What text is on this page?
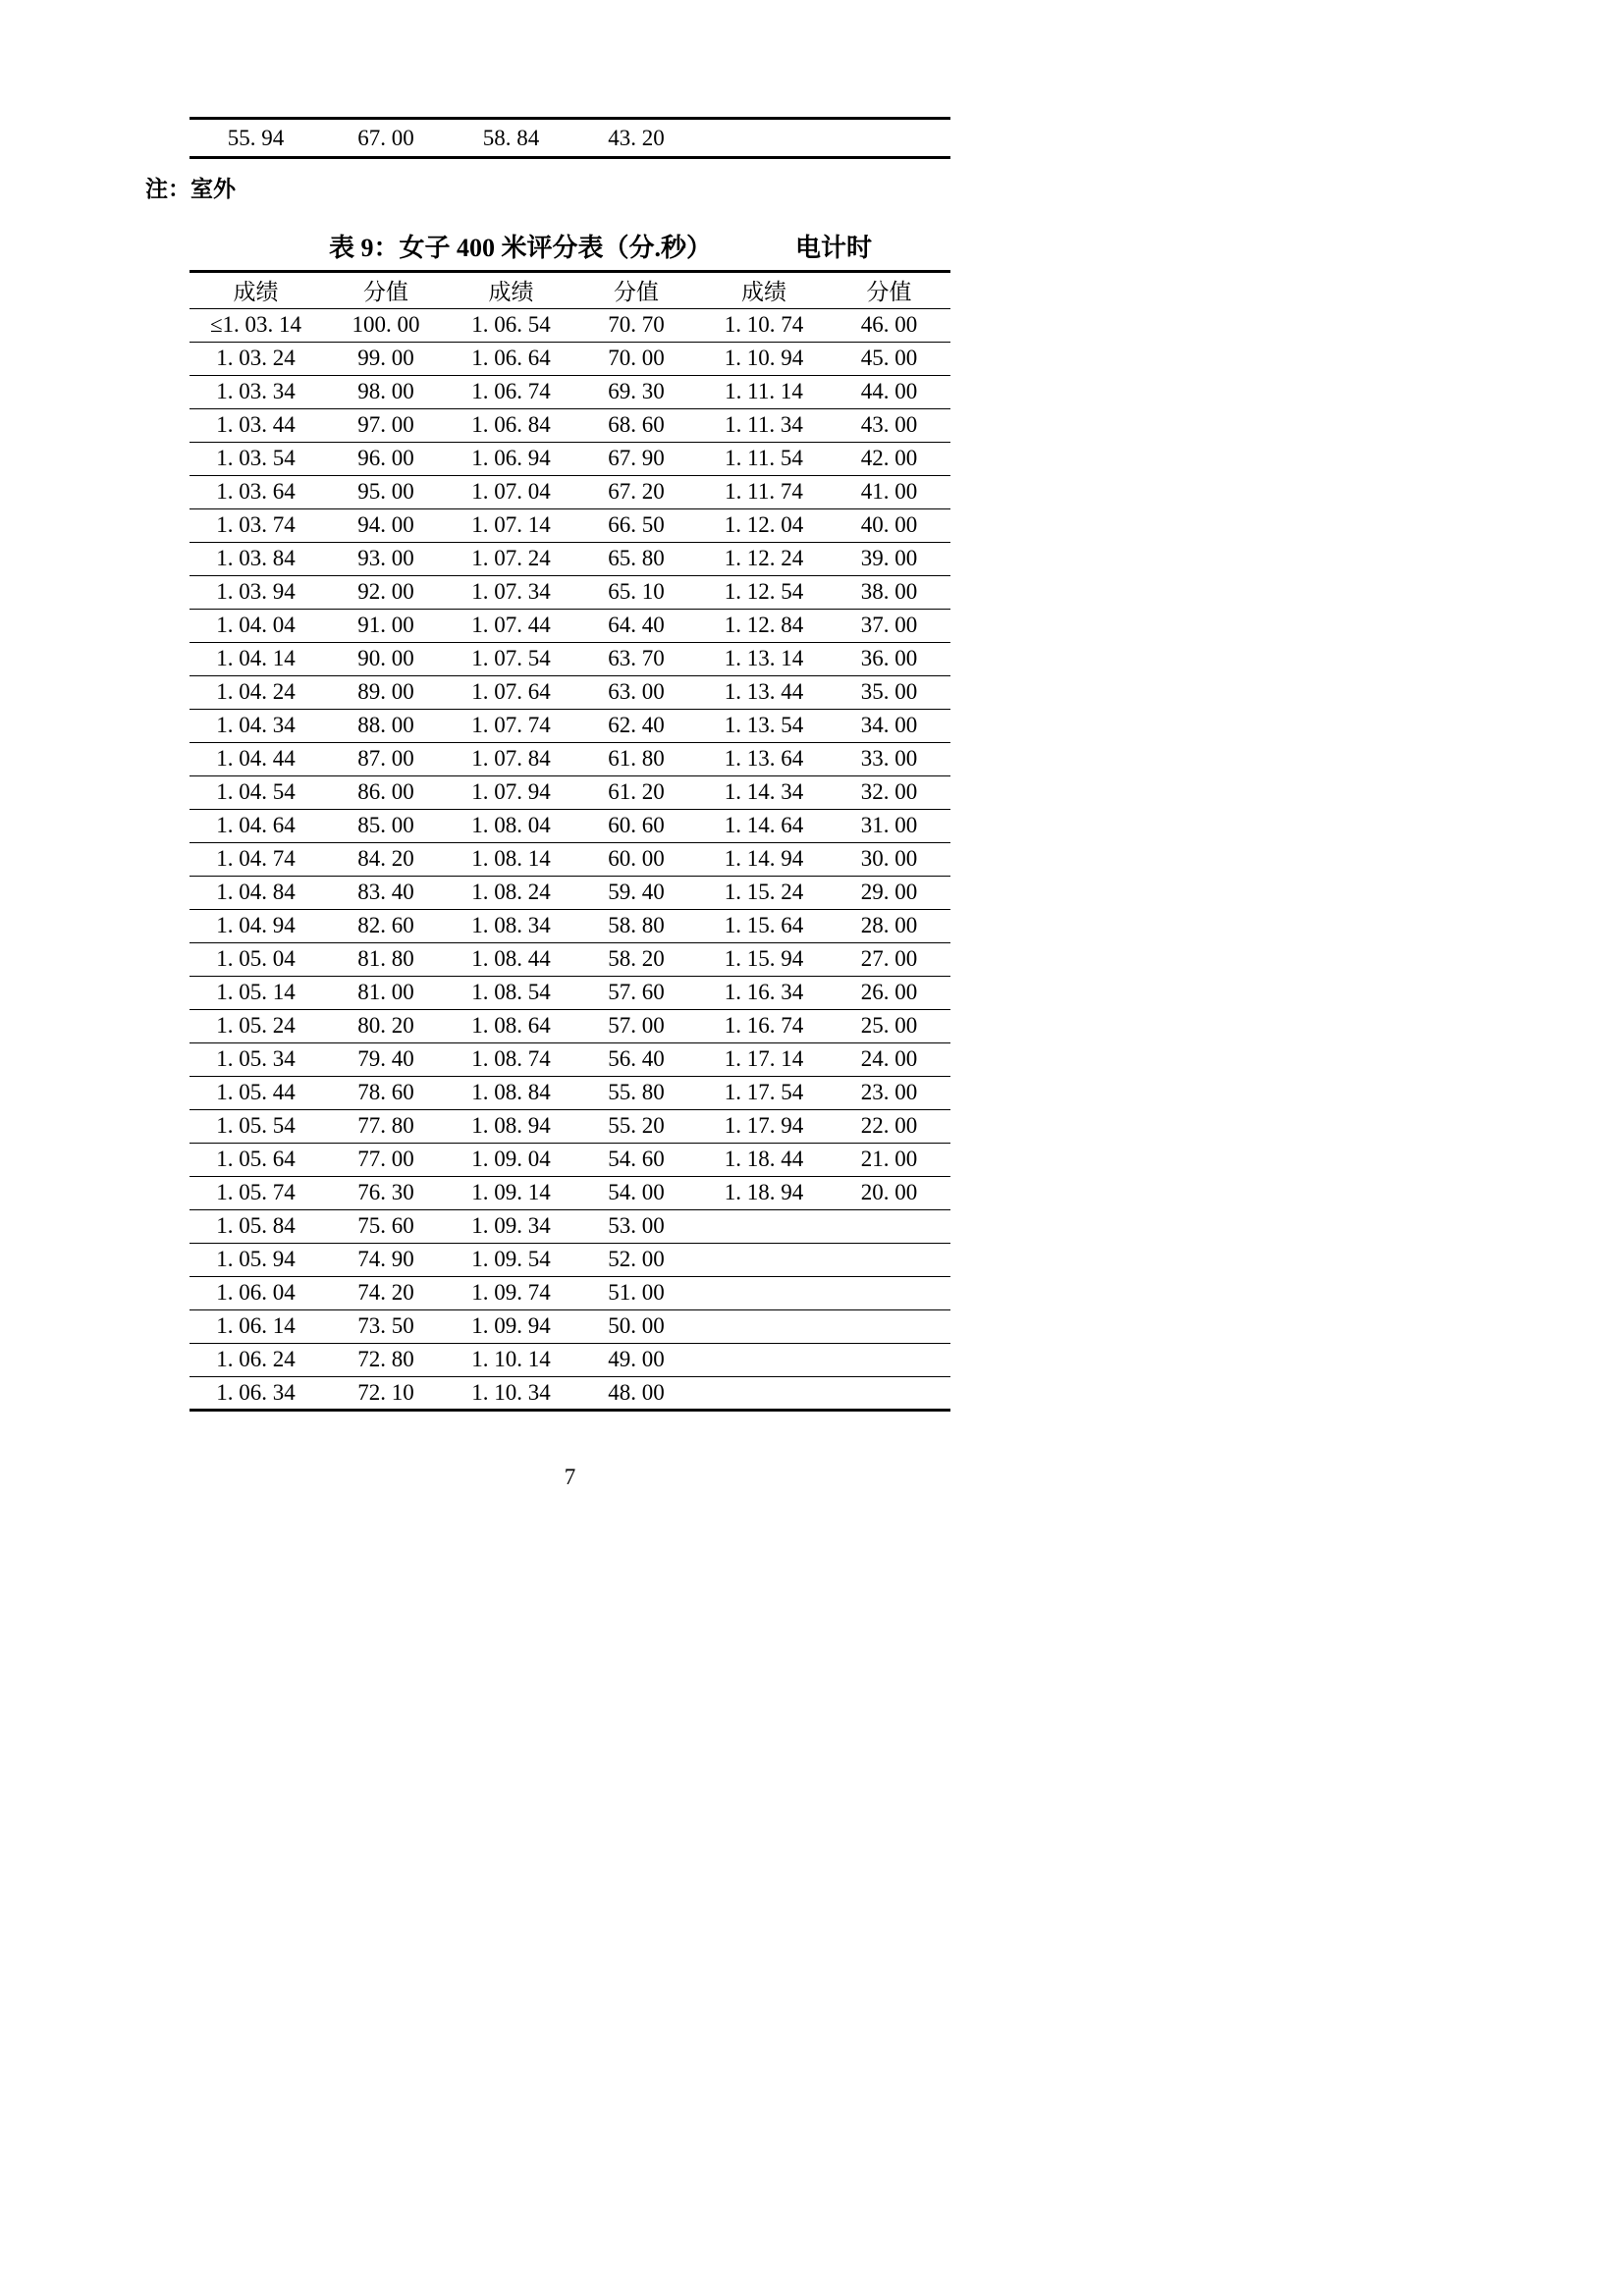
55. 94	67. 00	58. 84	43. 20		

注：室外

表 9：女子 400 米评分表（分.秒）	电计时
成绩	分值	成绩	分值	成绩	分值
≤1. 03. 14	100. 00	1. 06. 54	70. 70	1. 10. 74	46. 00
1. 03. 24	99. 00	1. 06. 64	70. 00	1. 10. 94	45. 00
1. 03. 34	98. 00	1. 06. 74	69. 30	1. 11. 14	44. 00
1. 03. 44	97. 00	1. 06. 84	68. 60	1. 11. 34	43. 00
1. 03. 54	96. 00	1. 06. 94	67. 90	1. 11. 54	42. 00
1. 03. 64	95. 00	1. 07. 04	67. 20	1. 11. 74	41. 00
1. 03. 74	94. 00	1. 07. 14	66. 50	1. 12. 04	40. 00
1. 03. 84	93. 00	1. 07. 24	65. 80	1. 12. 24	39. 00
1. 03. 94	92. 00	1. 07. 34	65. 10	1. 12. 54	38. 00
1. 04. 04	91. 00	1. 07. 44	64. 40	1. 12. 84	37. 00
1. 04. 14	90. 00	1. 07. 54	63. 70	1. 13. 14	36. 00
1. 04. 24	89. 00	1. 07. 64	63. 00	1. 13. 44	35. 00
1. 04. 34	88. 00	1. 07. 74	62. 40	1. 13. 54	34. 00
1. 04. 44	87. 00	1. 07. 84	61. 80	1. 13. 64	33. 00
1. 04. 54	86. 00	1. 07. 94	61. 20	1. 14. 34	32. 00
1. 04. 64	85. 00	1. 08. 04	60. 60	1. 14. 64	31. 00
1. 04. 74	84. 20	1. 08. 14	60. 00	1. 14. 94	30. 00
1. 04. 84	83. 40	1. 08. 24	59. 40	1. 15. 24	29. 00
1. 04. 94	82. 60	1. 08. 34	58. 80	1. 15. 64	28. 00
1. 05. 04	81. 80	1. 08. 44	58. 20	1. 15. 94	27. 00
1. 05. 14	81. 00	1. 08. 54	57. 60	1. 16. 34	26. 00
1. 05. 24	80. 20	1. 08. 64	57. 00	1. 16. 74	25. 00
1. 05. 34	79. 40	1. 08. 74	56. 40	1. 17. 14	24. 00
1. 05. 44	78. 60	1. 08. 84	55. 80	1. 17. 54	23. 00
1. 05. 54	77. 80	1. 08. 94	55. 20	1. 17. 94	22. 00
1. 05. 64	77. 00	1. 09. 04	54. 60	1. 18. 44	21. 00
1. 05. 74	76. 30	1. 09. 14	54. 00	1. 18. 94	20. 00
1. 05. 84	75. 60	1. 09. 34	53. 00		
1. 05. 94	74. 90	1. 09. 54	52. 00		
1. 06. 04	74. 20	1. 09. 74	51. 00		
1. 06. 14	73. 50	1. 09. 94	50. 00		
1. 06. 24	72. 80	1. 10. 14	49. 00		
1. 06. 34	72. 10	1. 10. 34	48. 00		
7
